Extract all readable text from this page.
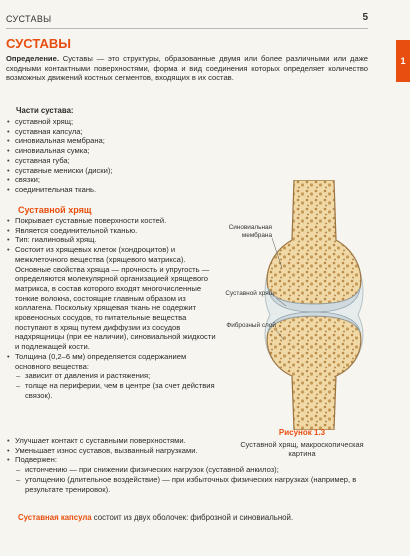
СУСТАВЫ	5
1
СУСТАВЫ
Определение. Суставы — это структуры, образованные двумя или более различными или даже сходными контактными поверхностями, форма и вид соединения которых определяет количество возможных движений костных сегментов, входящих в их состав.
Части сустава:
• суставной хрящ;
• суставная капсула;
• синовиальная мембрана;
• синовиальная сумка;
• суставная губа;
• суставные мениски (диски);
• связки;
• соединительная ткань.
Суставной хрящ
• Покрывает суставные поверхности костей.
• Является соединительной тканью.
• Тип: гиалиновый хрящ.
• Состоит из хрящевых клеток (хондроцитов) и межклеточного вещества (хрящевого матрикса). Основные свойства хряща — прочность и упругость — определяются молекулярной организацией хрящевого матрикса, в состав которого входят многочисленные тонкие волокна, состоящие главным образом из коллагена. Поскольку хрящевая ткань не содержит кровеносных сосудов, то питательные вещества поступают в хрящ путем диффузии из сосудов надхрящницы (при ее наличии), синовиальной жидкости и подлежащей кости.
• Толщина (0,2–6 мм) определяется содержанием основного вещества:
– зависит от давления и растяжения;
– толще на периферии, чем в центре (за счет действия связок).
• Улучшает контакт с суставными поверхностями.
• Уменьшает износ суставов, вызванный нагрузками.
• Подвержен:
– истончению — при снижении физических нагрузок (суставной анкилоз);
– утолщению (длительное воздействие) — при избыточных физических нагрузках (например, в результате тренировок).
Синовиальная мембрана
Суставной хрящ
Фиброзный слой
Рисунок 1.3
Суставной хрящ, макроскопическая картина
Суставная капсула состоит из двух оболочек: фиброзной и синовиальной.
